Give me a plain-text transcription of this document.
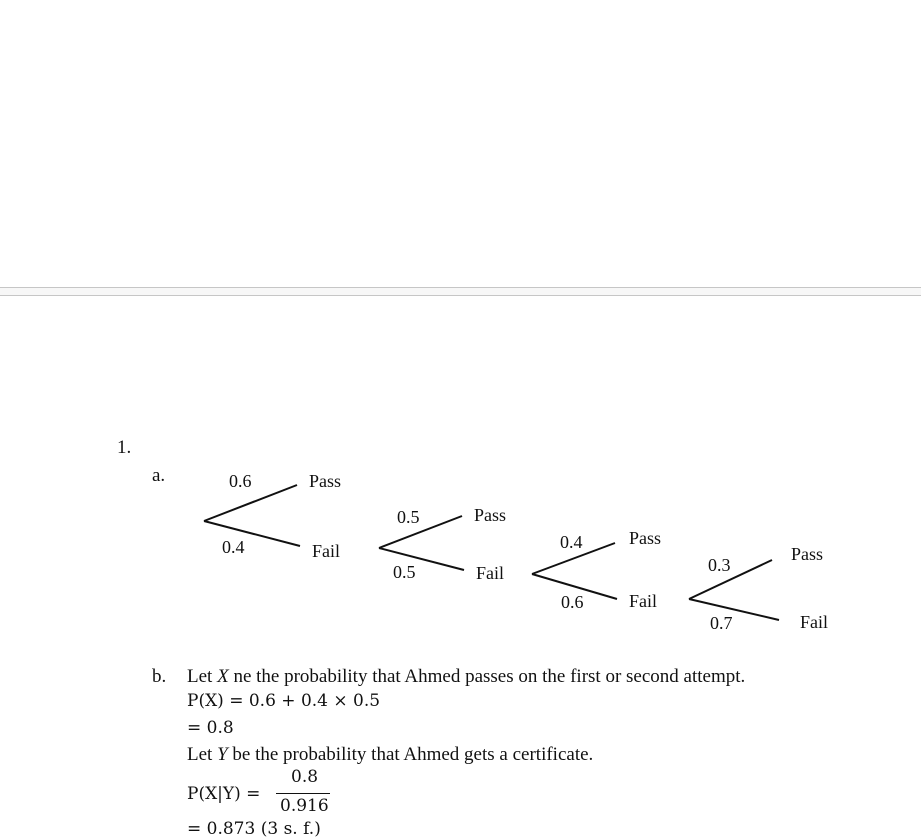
1.
a.	0.6
0.4
Pass
Fail
0.5
0.5
Pass
Fail
0.4
0.6
Pass
Fail
0.3
0.7
Pass
Fail
b. Let X ne the probability that Ahmed passes on the first or second attempt.
P(X) = 0.6 + 0.4 × 0.5
= 0.8
Let Y be the probability that Ahmed gets a certificate.
P(X|Y) =
0.8
0.916
= 0.873 (3 s. f.)
